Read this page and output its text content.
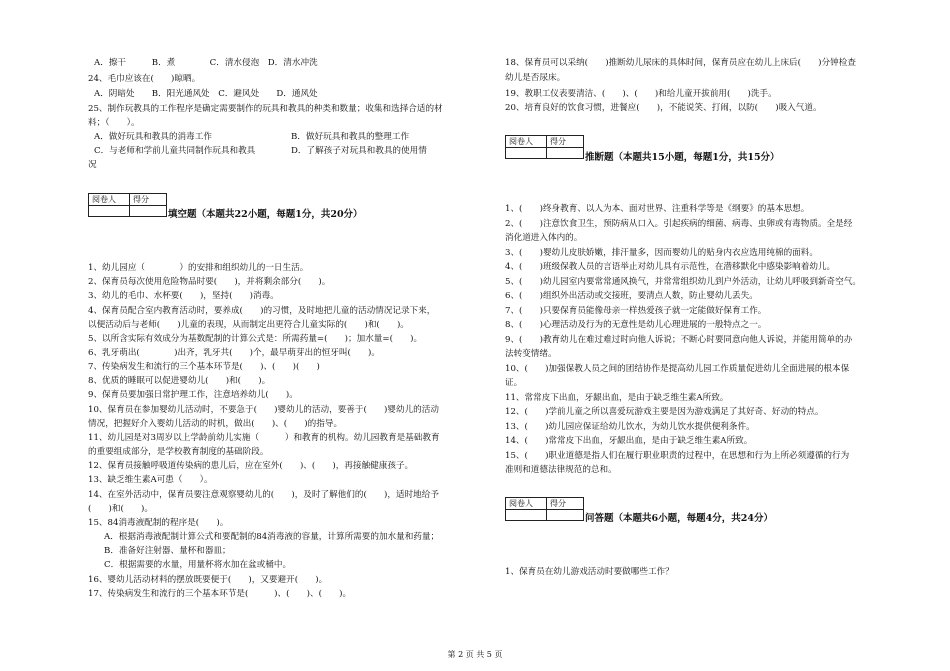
A．擦干　　　B．煮　　　　C．清水侵泡　D．清水冲洗
24、毛巾应该在(　　)晾晒。
A．阴暗处　　B．阳光通风处　C．避风处　　D．通风处
25、制作玩教具的工作程序是确定需要制作的玩具和教具的种类和数量；收集和选择合适的材
料；（　　）。
A．做好玩具和教具的消毒工作	B．做好玩具和教具的整理工作
C．与老师和学前儿童共同制作玩具和教具	D．了解孩子对玩具和教具的使用情
况
阅卷人	得分

填空题（本题共22小题，每题1分，共20分）
1、幼儿园应（　　　　）的安排和组织幼儿的一日生活。
2、保育员每次使用危险物品时要(　　)，并将剩余部分(　　)。
3、幼儿的毛巾、水杯要(　　)，坚持(　　)消毒。
4、保育员配合室内教育活动时，要养成(　　)的习惯，及时地把儿童的活动情况记录下来，
以便活动后与老师(　　)儿童的表现，从而制定出更符合儿童实际的(　　)和(　　)。
5、以所含实际有效成分为基数配制的计算公式是：所需药量=(　　)；加水量=(　　)。
6、乳牙萌出(　　　　)出齐，乳牙共(　　)个，最早萌芽出的恒牙叫(　　)。
7、传染病发生和流行的三个基本环节是(　　)、(　　)(　　)
8、优质的睡眠可以促进婴幼儿(　　)和(　　)。
9、保育员要加强日常护理工作，注意培养幼儿(　　)。
10、保育员在参加婴幼儿活动时，不要急于(　　)婴幼儿的活动，要善于(　　)婴幼儿的活动
情况，把握好介入婴幼儿活动的时机，做出(　　)、(　　)的指导。
11、幼儿园是对3周岁以上学龄前幼儿实施（　　　）和教育的机构。幼儿园教育是基础教育
的重要组成部分，是学校教育制度的基础阶段。
12、保育员接触呼吸道传染病的患儿后，应在室外(　　)、(　　)，再接触健康孩子。
13、缺乏维生素A可患（　　）。
14、在室外活动中，保育员要注意观察婴幼儿的(　　)，及时了解他们的(　　)，适时地给予
(　　)和(　　)。
15、84消毒液配制的程序是(　　)。
A．根据消毒液配制计算公式和要配制的84消毒液的容量，计算所需要的加水量和药量；
B．准备好注射器、量杯和器皿；
C．根据需要的水量，用量杯将水加在盆或桶中。
16、婴幼儿活动材料的摆放既要便于(　　)，又要避开(　　)。
17、传染病发生和流行的三个基本环节是(　　　)、(　　)、(　　)。
18、保育员可以采纳(　　)推断幼儿尿床的具体时间，保育员应在幼儿上床后(　　)分钟检查
幼儿是否尿床。
19、教职工仪表要清洁、(　　)、(　　)和给儿童开拔前用(　　)洗手。
20、培育良好的饮食习惯，进餐应(　　)，不能说笑、打闹，以防(　　)吸入气道。
阅卷人	得分

推断题（本题共15小题，每题1分，共15分）
1、(　　)终身教育、以人为本、面对世界、注重科学等是《纲要》的基本思想。
2、(　　)注意饮食卫生，预防病从口入。引起疾病的细菌、病毒、虫卵或有毒物质。全是经
消化道进入体内的。
3、(　　)婴幼儿皮肤娇嫩，排汗量多，因而婴幼儿的贴身内衣应选用纯棉的面料。
4、(　　)班级保教人员的言语举止对幼儿具有示范性，在潜移默化中感染影响着幼儿。
5、(　　)幼儿园室内要常常通风换气，并常常组织幼儿到户外活动，让幼儿呼吸到新奇空气。
6、(　　)组织外出活动或交接班，要清点人数，防止婴幼儿丢失。
7、(　　)只要保育员能像母亲一样热爱孩子就一定能做好保育工作。
8、(　　)心理活动及行为的无意性是幼儿心理进展的一般特点之一。
9、(　　)教育幼儿在难过难过时向他人诉说；不断心时要同意向他人诉说，并能用简单的办
法转变情绪。
10、(　　)加强保教人员之间的团结协作是提高幼儿园工作质量促进幼儿全面进展的根本保
证。
11、常常皮下出血，牙龈出血，是由于缺乏维生素A所致。
12、(　　)学前儿童之所以喜爱玩游戏主要是因为游戏满足了其好奇、好动的特点。
13、(　　)幼儿园应保证给幼儿饮水，为幼儿饮水提供便利条件。
14、(　　)常常皮下出血，牙龈出血，是由于缺乏维生素A所致。
15、(　　)职业道德是指人们在履行职业职责的过程中，在思想和行为上所必须遵循的行为
准则和道德法律规范的总和。
阅卷人	得分

问答题（本题共6小题，每题4分，共24分）
1、保育员在幼儿游戏活动时要做哪些工作？
第 2 页 共 5 页
